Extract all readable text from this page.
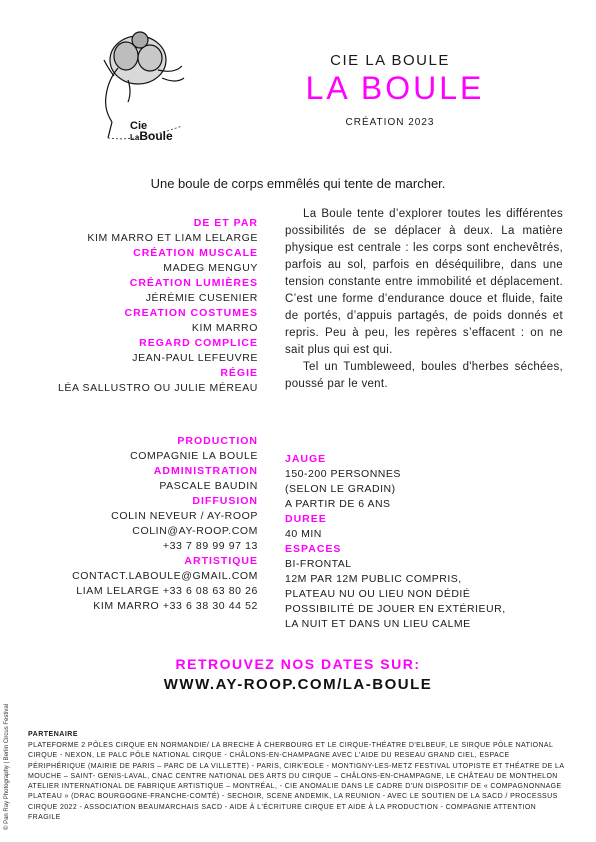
Cie
LaBoule
CIE LA BOULE
LA BOULE
CRÉATION 2023
Une boule de corps emmêlés qui tente de marcher.
DE ET PAR
KIM MARRO ET LIAM LELARGE
CRÉATION MUSCALE
MADEG MENGUY
CRÉATION LUMIÈRES
JÉRÉMIE CUSENIER
CREATION COSTUMES
KIM MARRO
REGARD COMPLICE
JEAN-PAUL LEFEUVRE
RÉGIE
LÉA SALLUSTRO OU JULIE MÉREAU
PRODUCTION
COMPAGNIE LA BOULE
ADMINISTRATION
PASCALE BAUDIN
DIFFUSION
COLIN NEVEUR / AY-ROOP
COLIN@AY-ROOP.COM
+33 7 89 99 97 13
ARTISTIQUE
CONTACT.LABOULE@GMAIL.COM
LIAM LELARGE +33 6 08 63 80 26
KIM MARRO +33 6 38 30 44 52

La Boule tente d’explorer toutes les différentes possibilités de se déplacer à deux. La matière physique est centrale : les corps sont enchevêtrés, parfois au sol, parfois en déséquilibre, dans une tension constante entre immobilité et déplacement. C’est une forme d’endurance douce et fluide, faite de portés, d’appuis partagés, de poids donnés et repris. Peu à peu, les repères s’effacent : on ne sait plus qui est qui.

Tel un Tumbleweed, boules d'herbes séchées, poussé par le vent.

JAUGE
150-200 PERSONNES
(SELON LE GRADIN)
A PARTIR DE 6 ANS
DUREE
40 MIN
ESPACES
BI-FRONTAL
12M PAR 12M PUBLIC COMPRIS,
PLATEAU NU OU LIEU NON DÉDIÉ
POSSIBILITÉ DE JOUER EN EXTÉRIEUR,
LA NUIT ET DANS UN LIEU CALME
RETROUVEZ NOS DATES SUR:
WWW.AY-ROOP.COM/LA-BOULE
PARTENAIRE
PLATEFORME 2 PÔLES CIRQUE EN NORMANDIE/ LA BRECHE À CHERBOURG ET LE CIRQUE-THÉATRE D'ELBEUF, LE SIRQUE PÔLE NATIONAL CIRQUE - NEXON, LE PALC PÔLE NATIONAL CIRQUE - CHÂLONS-EN-CHAMPAGNE AVEC L'AIDE DU RESEAU GRAND CIEL, ESPACE PÉRIPHÉRIQUE (MAIRIE DE PARIS – PARC DE LA VILLETTE) - PARIS, CIRK'EOLE - MONTIGNY-LES-METZ FESTIVAL UTOPISTE ET THÉATRE DE LA MOUCHE – SAINT- GENIS-LAVAL, CNAC CENTRE NATIONAL DES ARTS DU CIRQUE – CHÂLONS-EN-CHAMPAGNE, LE CHÂTEAU DE MONTHELON ATELIER INTERNATIONAL DE FABRIQUE ARTISTIQUE – MONTRÉAL, - CIE ANOMALIE DANS LE CADRE D'UN DISPOSITIF DE « COMPAGNONNAGE PLATEAU » (DRAC BOURGOGNE-FRANCHE-COMTÉ) - SECHOIR, SCENE ANDEMIK, LA REUNION - AVEC LE SOUTIEN DE LA SACD / PROCESSUS CIRQUE 2022 - ASSOCIATION BEAUMARCHAIS SACD - AIDE À L'ÉCRITURE CIRQUE ET AIDE À LA PRODUCTION - COMPAGNIE ATTENTION FRAGILE
© Pan Ray Photography | Berlin Circus Festival
